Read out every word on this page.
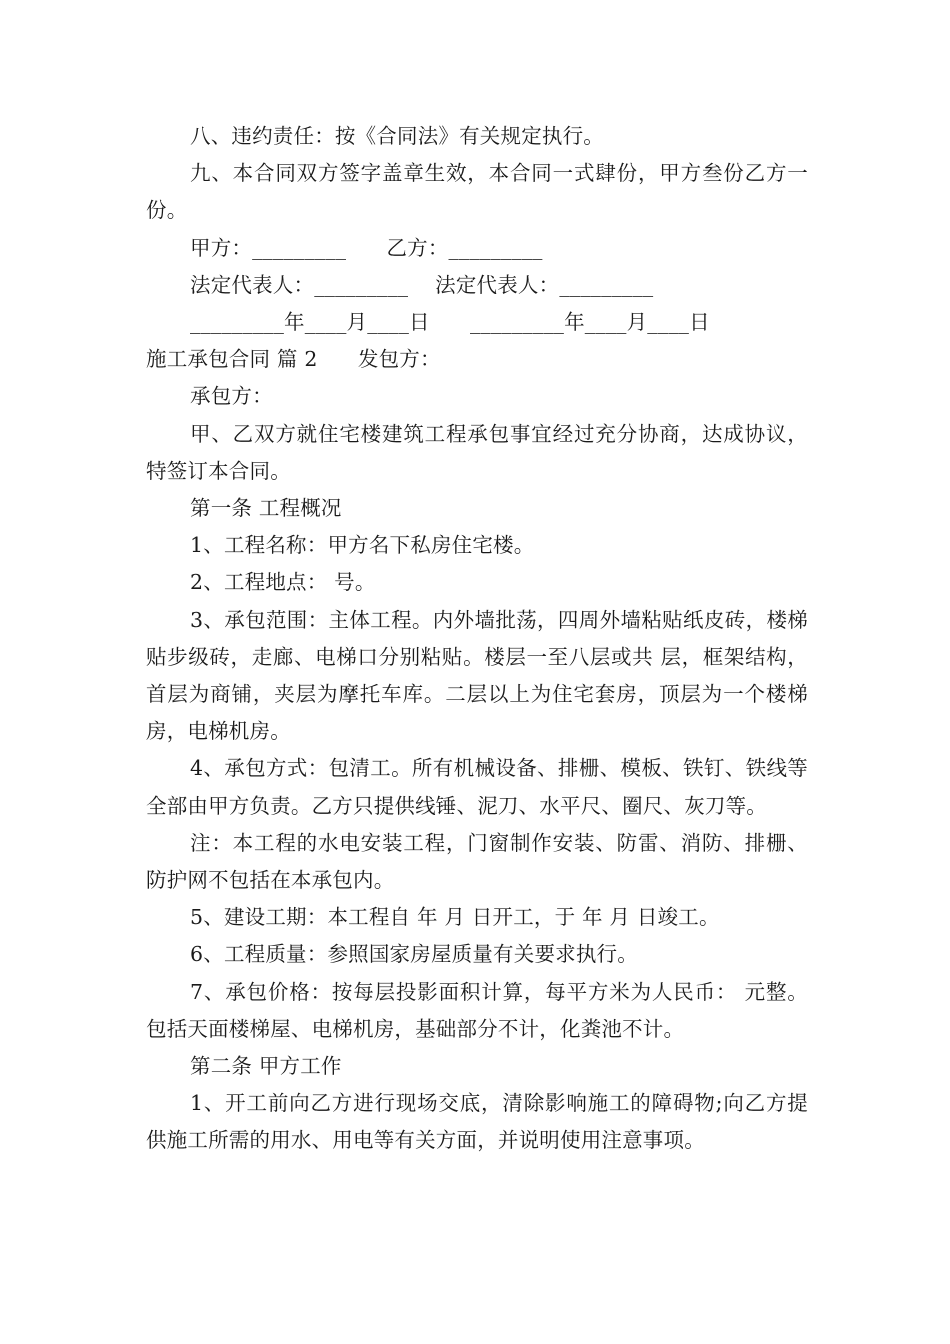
八、违约责任：按《合同法》有关规定执行。

九、本合同双方签字盖章生效，本合同一式肆份，甲方叁份乙方一份。

甲方：_________      乙方：_________

法定代表人：_________    法定代表人：_________

_________年____月____日      _________年____月____日

施工承包合同 篇 2      发包方：

承包方：

甲、乙双方就住宅楼建筑工程承包事宜经过充分协商，达成协议，特签订本合同。

第一条 工程概况

1、工程名称：甲方名下私房住宅楼。

2、工程地点： 号。

3、承包范围：主体工程。内外墙批荡，四周外墙粘贴纸皮砖，楼梯贴步级砖，走廊、电梯口分别粘贴。楼层一至八层或共 层，框架结构，首层为商铺，夹层为摩托车库。二层以上为住宅套房，顶层为一个楼梯房，电梯机房。

4、承包方式：包清工。所有机械设备、排栅、模板、铁钉、铁线等全部由甲方负责。乙方只提供线锤、泥刀、水平尺、圈尺、灰刀等。

注：本工程的水电安装工程，门窗制作安装、防雷、消防、排栅、防护网不包括在本承包内。

5、建设工期：本工程自 年 月 日开工，于 年 月 日竣工。

6、工程质量：参照国家房屋质量有关要求执行。

7、承包价格：按每层投影面积计算，每平方米为人民币： 元整。包括天面楼梯屋、电梯机房，基础部分不计，化粪池不计。

第二条 甲方工作

1、开工前向乙方进行现场交底，清除影响施工的障碍物;向乙方提供施工所需的用水、用电等有关方面，并说明使用注意事项。
